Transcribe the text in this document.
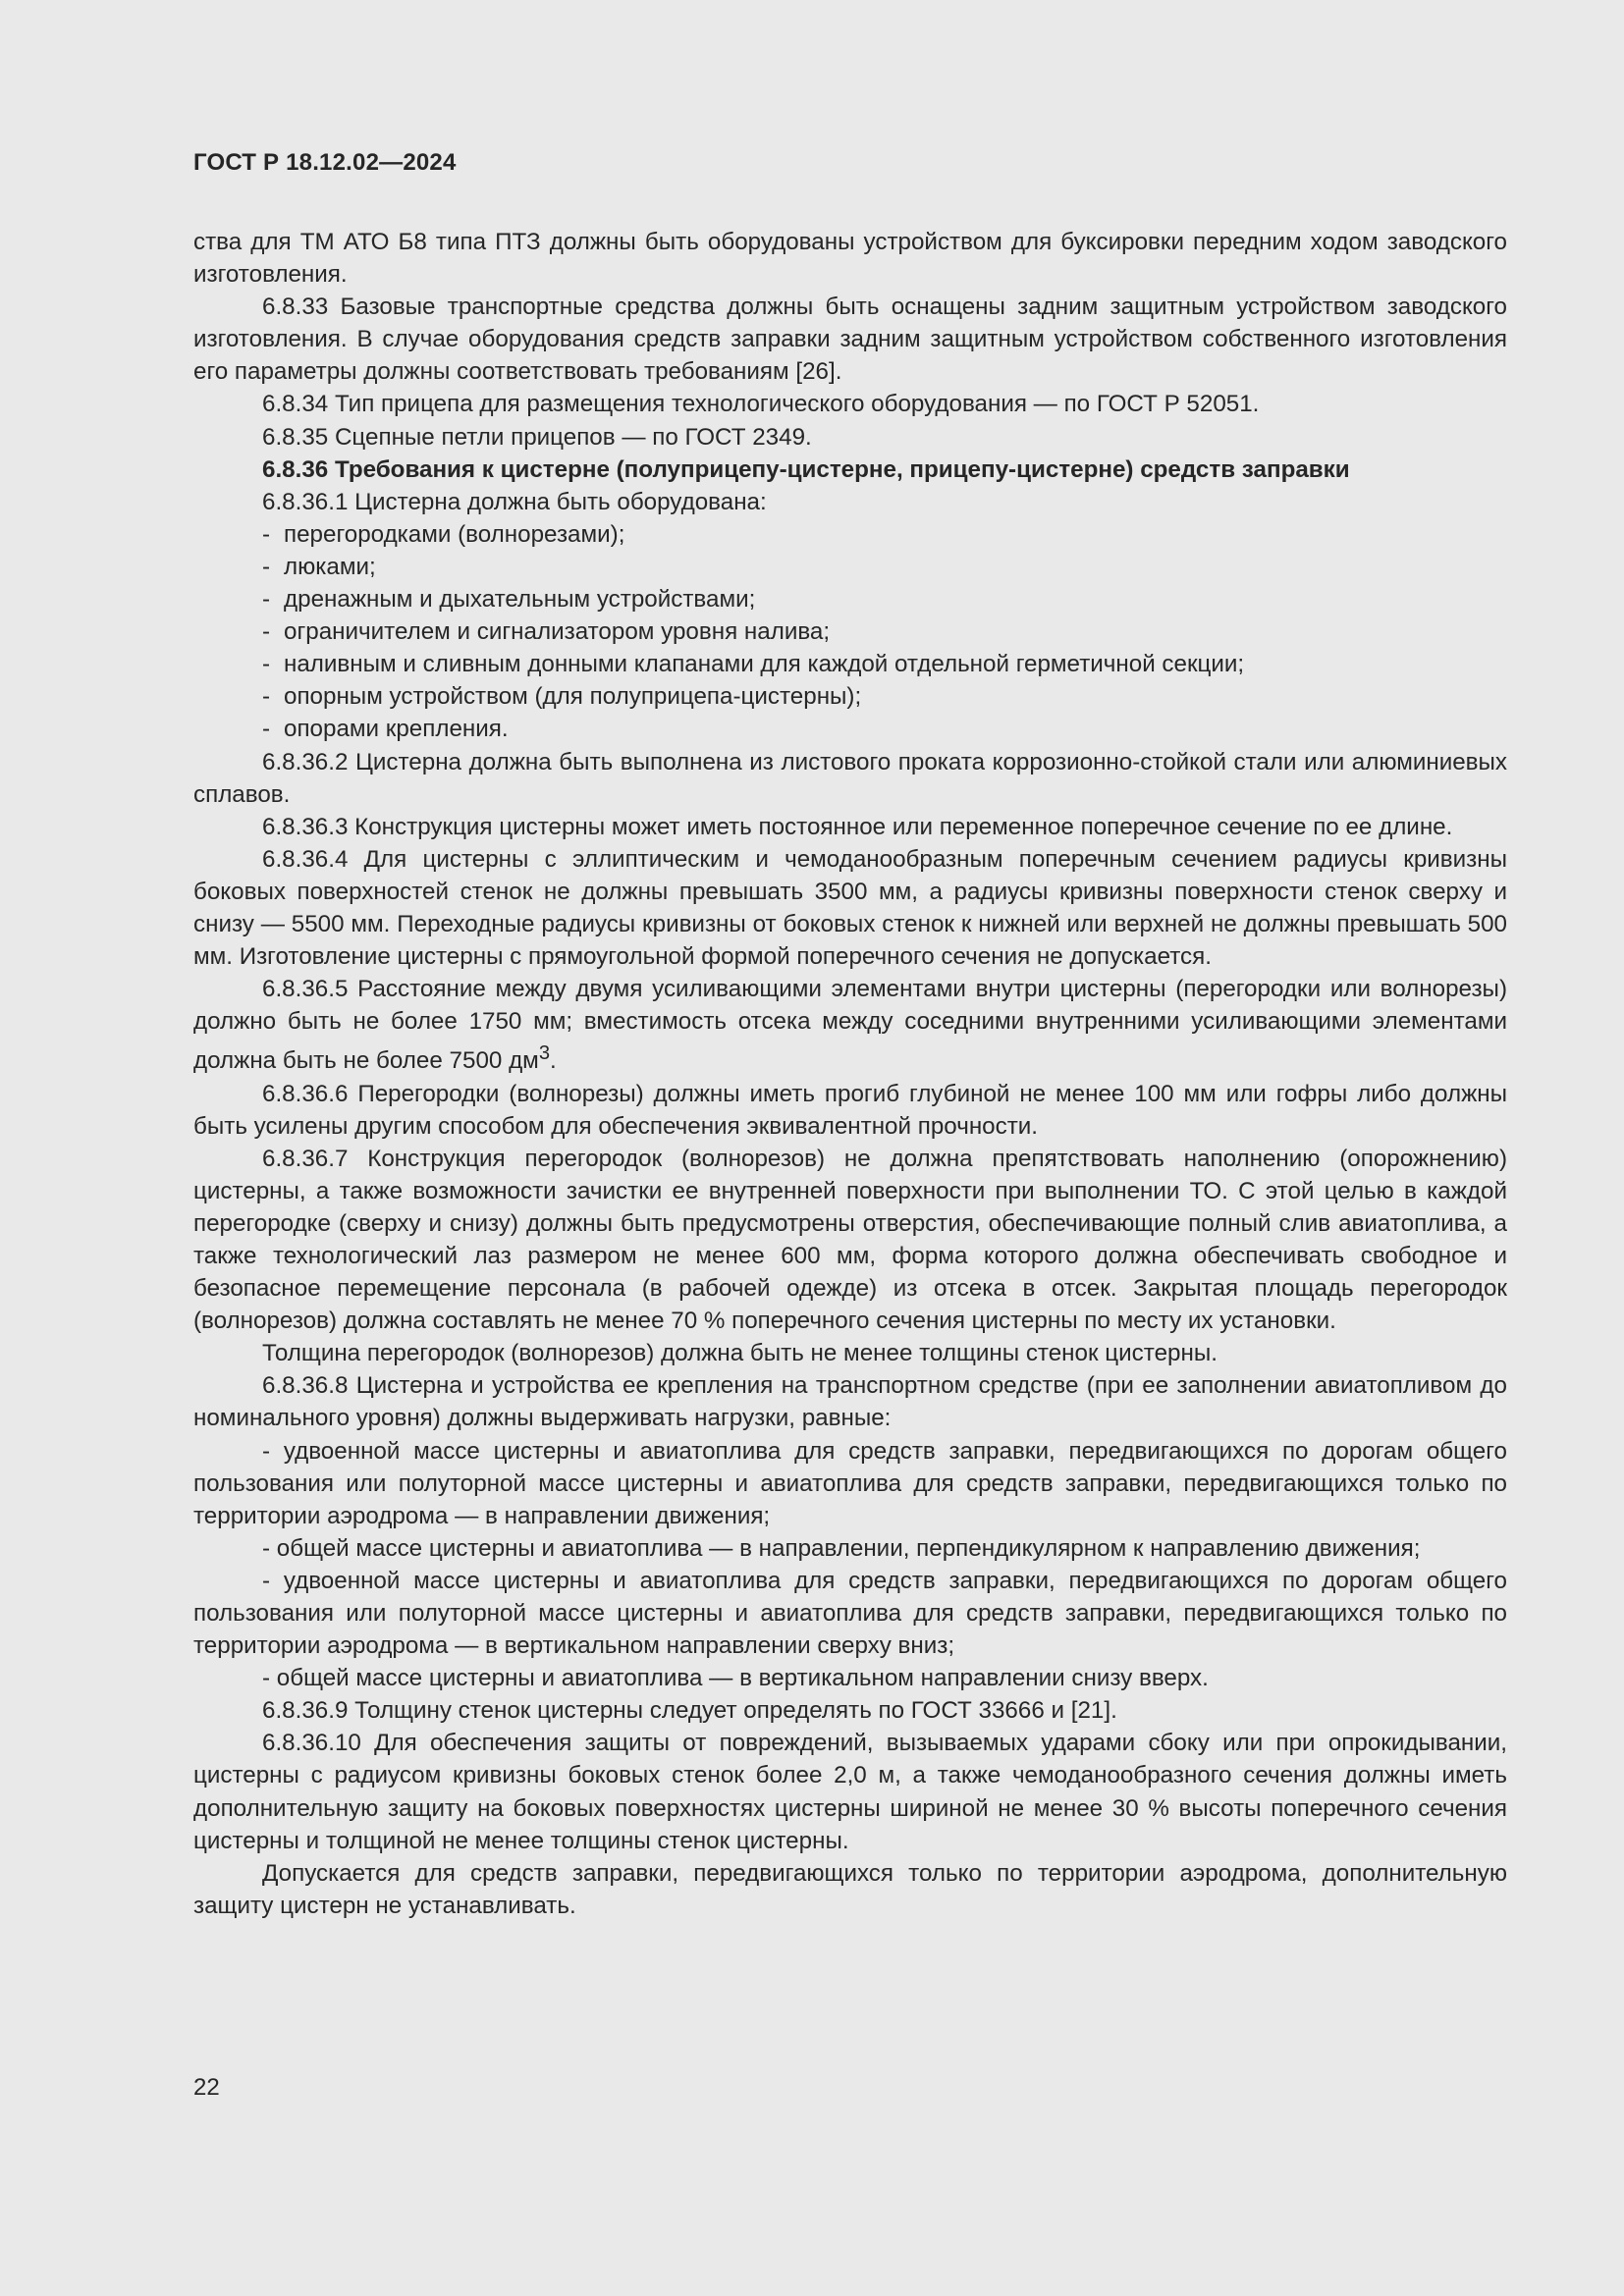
ГОСТ Р 18.12.02—2024

ства для ТМ АТО Б8 типа ПТЗ должны быть оборудованы устройством для буксировки передним ходом заводского изготовления.

6.8.33 Базовые транспортные средства должны быть оснащены задним защитным устройством заводского изготовления. В случае оборудования средств заправки задним защитным устройством собственного изготовления его параметры должны соответствовать требованиям [26].

6.8.34 Тип прицепа для размещения технологического оборудования — по ГОСТ Р 52051.

6.8.35 Сцепные петли прицепов — по ГОСТ 2349.

6.8.36 Требования к цистерне (полуприцепу-цистерне, прицепу-цистерне) средств заправки

6.8.36.1 Цистерна должна быть оборудована:

- перегородками (волнорезами);
- люками;
- дренажным и дыхательным устройствами;
- ограничителем и сигнализатором уровня налива;
- наливным и сливным донными клапанами для каждой отдельной герметичной секции;
- опорным устройством (для полуприцепа-цистерны);
- опорами крепления.

6.8.36.2 Цистерна должна быть выполнена из листового проката коррозионно-стойкой стали или алюминиевых сплавов.

6.8.36.3 Конструкция цистерны может иметь постоянное или переменное поперечное сечение по ее длине.

6.8.36.4 Для цистерны с эллиптическим и чемоданообразным поперечным сечением радиусы кривизны боковых поверхностей стенок не должны превышать 3500 мм, а радиусы кривизны поверхности стенок сверху и снизу — 5500 мм. Переходные радиусы кривизны от боковых стенок к нижней или верхней не должны превышать 500 мм. Изготовление цистерны с прямоугольной формой поперечного сечения не допускается.

6.8.36.5 Расстояние между двумя усиливающими элементами внутри цистерны (перегородки или волнорезы) должно быть не более 1750 мм; вместимость отсека между соседними внутренними усиливающими элементами должна быть не более 7500 $дм^3$.

6.8.36.6 Перегородки (волнорезы) должны иметь прогиб глубиной не менее 100 мм или гофры либо должны быть усилены другим способом для обеспечения эквивалентной прочности.

6.8.36.7 Конструкция перегородок (волнорезов) не должна препятствовать наполнению (опорожнению) цистерны, а также возможности зачистки ее внутренней поверхности при выполнении ТО. С этой целью в каждой перегородке (сверху и снизу) должны быть предусмотрены отверстия, обеспечивающие полный слив авиатоплива, а также технологический лаз размером не менее 600 мм, форма которого должна обеспечивать свободное и безопасное перемещение персонала (в рабочей одежде) из отсека в отсек. Закрытая площадь перегородок (волнорезов) должна составлять не менее 70 % поперечного сечения цистерны по месту их установки.

Толщина перегородок (волнорезов) должна быть не менее толщины стенок цистерны.

6.8.36.8 Цистерна и устройства ее крепления на транспортном средстве (при ее заполнении авиатопливом до номинального уровня) должны выдерживать нагрузки, равные:

- удвоенной массе цистерны и авиатоплива для средств заправки, передвигающихся по дорогам общего пользования или полуторной массе цистерны и авиатоплива для средств заправки, передвигающихся только по территории аэродрома — в направлении движения;

- общей массе цистерны и авиатоплива — в направлении, перпендикулярном к направлению движения;

- удвоенной массе цистерны и авиатоплива для средств заправки, передвигающихся по дорогам общего пользования или полуторной массе цистерны и авиатоплива для средств заправки, передвигающихся только по территории аэродрома — в вертикальном направлении сверху вниз;

- общей массе цистерны и авиатоплива — в вертикальном направлении снизу вверх.

6.8.36.9 Толщину стенок цистерны следует определять по ГОСТ 33666 и [21].

6.8.36.10 Для обеспечения защиты от повреждений, вызываемых ударами сбоку или при опрокидывании, цистерны с радиусом кривизны боковых стенок более 2,0 м, а также чемоданообразного сечения должны иметь дополнительную защиту на боковых поверхностях цистерны шириной не менее 30 % высоты поперечного сечения цистерны и толщиной не менее толщины стенок цистерны.

Допускается для средств заправки, передвигающихся только по территории аэродрома, дополнительную защиту цистерн не устанавливать.

22
